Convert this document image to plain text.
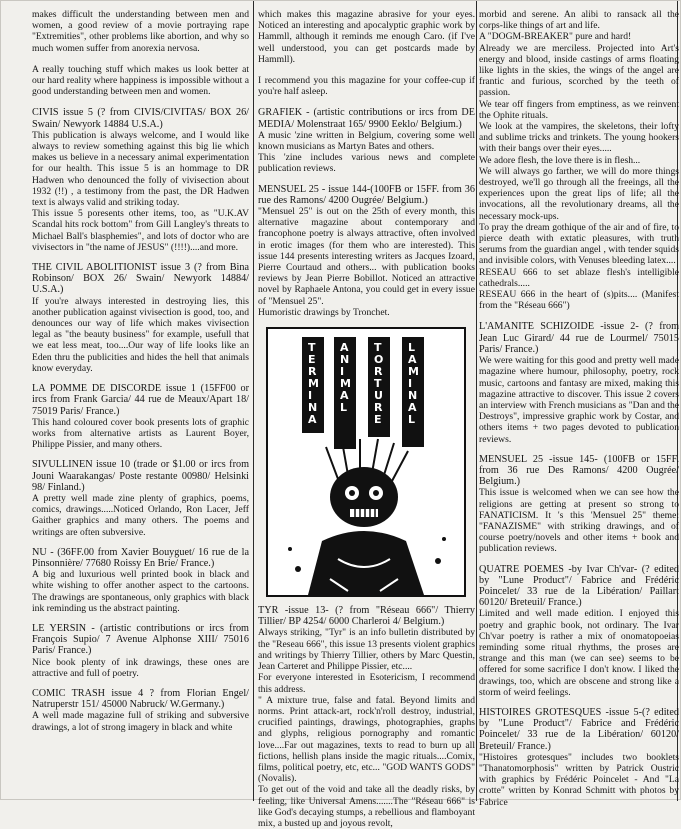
makes difficult the understanding between men and women, a good review of a movie portraying rape "Extremities", other problems like abortion, and why so much women suffer from anorexia nervosa.

A really touching stuff which makes us look better at our hard reality where happiness is impossible without a good understanding between men and women.

CIVIS issue 5 (? from CIVIS/CIVITAS/ BOX 26/ Swain/ Newyork 14884 U.S.A.)
This publication is always welcome, and I would like always to review something against this big lie which makes us believe in a necessary animal experimentation for our health. This issue 5 is an hommage to DR Hadwen who denounced the folly of vivisection about 1932 (!!) , a testimony from the past, the DR Hadwen text is always valid and striking today.
This issue 5 poresents other items, too, as "U.K.AV Scandal hits rock bottom" from Gill Langley's threats to Michael Ball's blasphemies", and lots of doctor who are vivisectors in "the name of JESUS" (!!!!)....and more.
THE CIVIL ABOLITIONIST issue 3 (? from Bina Robinson/ BOX 26/ Swain/ Newyork 14884/ U.S.A.)
If you're always interested in destroying lies, this another publication against vivisection is good, too, and denounces our way of life which makes vivisection legal as "the beauty business" for example, usefull that we eat less meat, too....Our way of life looks like an Eden thru the publicities and hides the hell that animals know everyday.
LA POMME DE DISCORDE issue 1 (15FF00 or ircs from Frank Garcia/ 44 rue de Meaux/Apart 18/ 75019 Paris/ France.)
This hand coloured cover book presents lots of graphic works from alternative artists as Laurent Boyer, Philippe Pissier, and many others.
SIVULLINEN issue 10 (trade or $1.00 or ircs from Jouni Waarakangas/ Poste restante 00980/ Helsinki 98/ Finland.)
A pretty well made zine plenty of graphics, poems, comics, drawings.....Noticed Orlando, Ron Lacer, Jeff Gaither graphics and many others. The poems and writings are often subversive.
NU - (36FF.00 from Xavier Bouyguet/ 16 rue de la Pinsonnière/ 77680 Roissy En Brie/ France.)
A big and luxurious well printed book in black and white wishing to offer another aspect to the cartoons. The drawings are spontaneous, only graphics with black ink reminding us the abstract painting.
LE YERSIN - (artistic contributions or ircs from François Supio/ 7 Avenue Alphonse XIII/ 75016 Paris/ France.)
Nice book plenty of ink drawings, these ones are attractive and full of poetry.
COMIC TRASH issue 4 ? from Florian Engel/ Natruperstr 151/ 45000 Nabruck/ W.Germany.)
A well made magazine full of striking and subversive drawings, a lot of strong imagery in black and white

which makes this magazine abrasive for your eyes. Noticed an interesting and apocalyptic graphic work by Hammll, although it reminds me enough Caro. (if I've well understood, you can get postcards made by Hammll).

I recommend you this magazine for your coffee-cup if you're half asleep.

GRAFIEK - (artistic contributions or ircs from DE MEDIA/ Molenstraat 165/ 9900 Eeklo/ Belgium.)
A music 'zine written in Belgium, covering some well known musicians as Martyn Bates and others.
This 'zine includes various news and complete publication reviews.
MENSUEL 25 - issue 144-(100FB or 15FF. from 36 rue des Ramons/ 4200 Ougrée/ Belgium.)
"Mensuel 25" is out on the 25th of every month, this alternative magazine about contemporary and francophone poetry is always attractive, often involved in erotic images (for them who are interested). This issue 144 presents interesting writers as Jacques Izoard, Pierre Courtaud and others... with publication books reviews by Jean Pierre Bobillot. Noticed an attractive novel by Raphaele Antona, you could get in every issue of "Mensuel 25".
Humoristic drawings by Tronchet.
T
E
R
M
I
N
A
A
N
I
M
A
L
T
O
R
T
U
R
E
L
A
M
I
N
A
L
TYR -issue 13- (? from "Réseau 666"/ Thierry Tillier/ BP 4254/ 6000 Charleroi 4/ Belgium.)
Always striking, "Tyr" is an info bulletin distributed by the "Reseau 666", this issue 13 presents violent graphics and writings by Thierry Tillier, others by Marc Questin, Jean Carteret and Philippe Pissier, etc....
For everyone interested in Esotericism, I recommend this address.
" A mixture true, false and fatal. Beyond limits and norms. Print attack-art, rock'n'roll destroy, industrial, crucified paintings, drawings, photographies, graphs and glyphs, religious pornography and romantic love....Far out magazines, texts to read to burn up all fictions, hellish plans inside the magic rituals....Comix, films, political poetry, etc, etc... "GOD WANTS GODS" (Novalis).
To get out of the void and take all the deadly risks, by feeling, like Universal Amens.......The "Réseau 666" is like God's decaying stumps, a rebellious and flamboyant mix, a busted up and joyous revolt,
morbid and serene. An alibi to ransack all the corps-like things of art and life.
A "DOGM-BREAKER" pure and hard!
Already we are merciless. Projected into Art's energy and blood, inside castings of arms floating like lights in the skies, the wings of the angel are frantic and furious, scorched by the teeth of passion.
We tear off fingers from emptiness, as we reinvent the Ophite rituals.
We look at the vampires, the skeletons, their lofty and sublime tricks and trinkets. The young hookers with their bangs over their eyes.....
We adore flesh, the love there is in flesh...
We will always go farther, we will do more things destroyed, we'll go through all the freeings, all the experiences upon the great lips of life; all the invocations, all the revolutionary dreams, all the necessary mock-ups.
To pray the dream gothique of the air and of fire, to pierce death with extatic pleasures, with truth serums from the guardian angel , with tender squids and invisible colors, with Venuses bleeding latex....
RESEAU 666 to set ablaze flesh's intelligible cathedrals.....

RESEAU 666 in the heart of (s)pits.... (Manifest from the "Réseau 666")

L'AMANITE SCHIZOIDE -issue 2- (? from Jean Luc Girard/ 44 rue de Lourmel/ 75015 Paris/ France.)
We were waiting for this good and pretty well made magazine where humour, philosophy, poetry, rock music, cartoons and fantasy are mixed, making this magazine attractive to discover. This issue 2 covers an interview with French musicians as "Dan and the Destroys", impressive graphic work by Costar, and others items + two pages devoted to publication reviews.
MENSUEL 25 -issue 145- (100FB or 15FF. from 36 rue Des Ramons/ 4200 Ougrée/ Belgium.)
This issue is welcomed when we can see how the religions are getting at present so strong to FANATICISM. It 's this 'Mensuel 25" theme: "FANAZISME" with striking drawings, and of course poetry/novels and other items + book and publication reviews.
QUATRE POEMES -by Ivar Ch'var- (? edited by "Lune Product"/ Fabrice and Frédéric Poincelet/ 33 rue de la Libération/ Paillart 60120/ Breteuil/ France.)
Limited and well made edition. I enjoyed this poetry and graphic book, not ordinary. The Ivar Ch'var poetry is rather a mix of onomatopoeias reminding some ritual rhythms, the proses are strange and this man (we can see) seems to be offered for some sacrifice I don't know. I liked the drawings, too, which are obscene and strong like a storm of weird feelings.
HISTOIRES GROTESQUES -issue 5-(? edited by "Lune Product"/ Fabrice and Frédéric Poincelet/ 33 rue de la Libération/ 60120/ Breteuil/ France.)
"Histoires grotesques" includes two booklets "Thanatomorphosis" written by Patrick Oustric with graphics by Frédéric Poincelet - And "La crotte" written by Konrad Schmitt with photos by Fabrice
